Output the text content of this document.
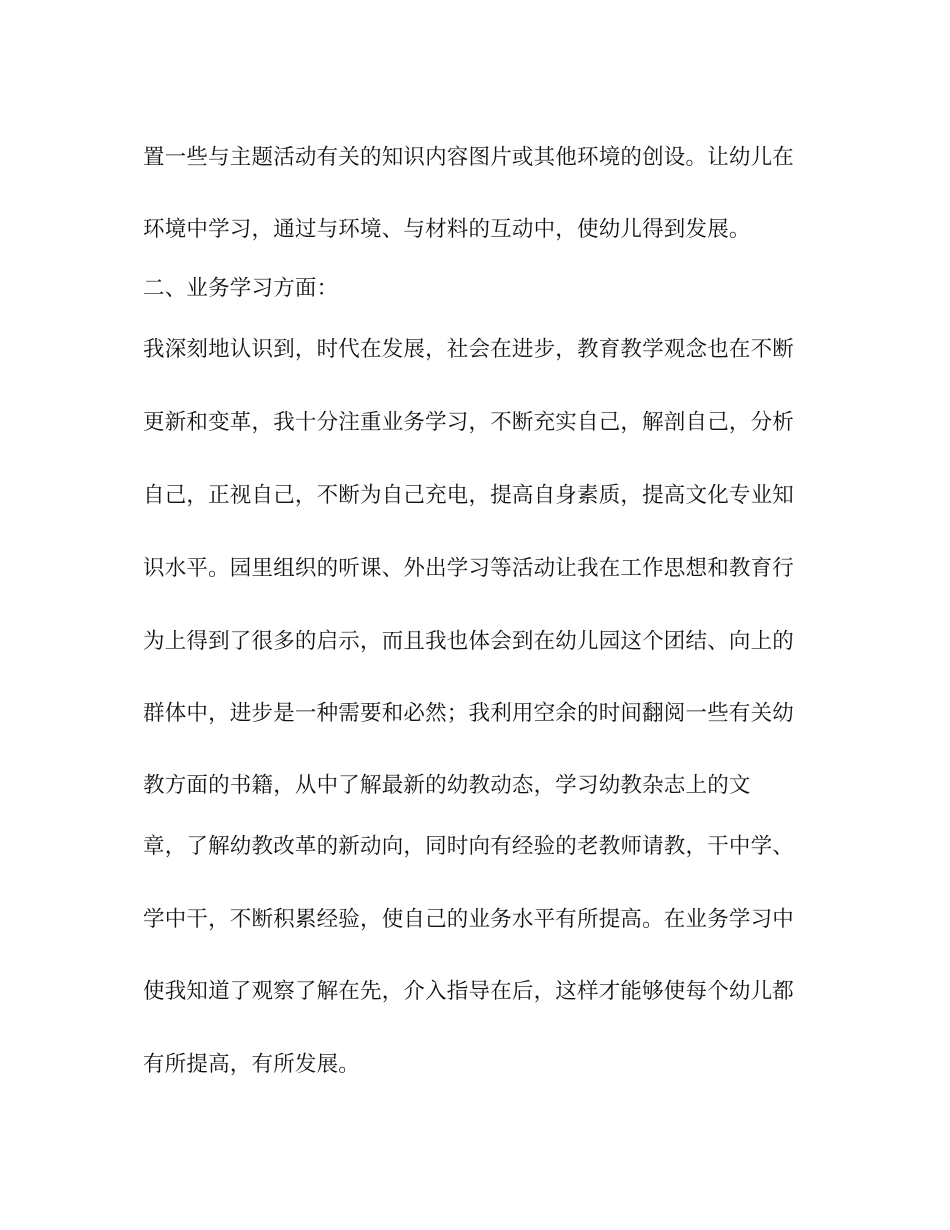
置一些与主题活动有关的知识内容图片或其他环境的创设。让幼儿在
环境中学习，通过与环境、与材料的互动中，使幼儿得到发展。
二、业务学习方面：
我深刻地认识到，时代在发展，社会在进步，教育教学观念也在不断
更新和变革，我十分注重业务学习，不断充实自己，解剖自己，分析
自己，正视自己，不断为自己充电，提高自身素质，提高文化专业知
识水平。园里组织的听课、外出学习等活动让我在工作思想和教育行
为上得到了很多的启示，而且我也体会到在幼儿园这个团结、向上的
群体中，进步是一种需要和必然；我利用空余的时间翻阅一些有关幼
教方面的书籍，从中了解最新的幼教动态，学习幼教杂志上的文
章，了解幼教改革的新动向，同时向有经验的老教师请教，干中学、
学中干，不断积累经验，使自己的业务水平有所提高。在业务学习中
使我知道了观察了解在先，介入指导在后，这样才能够使每个幼儿都
有所提高，有所发展。
